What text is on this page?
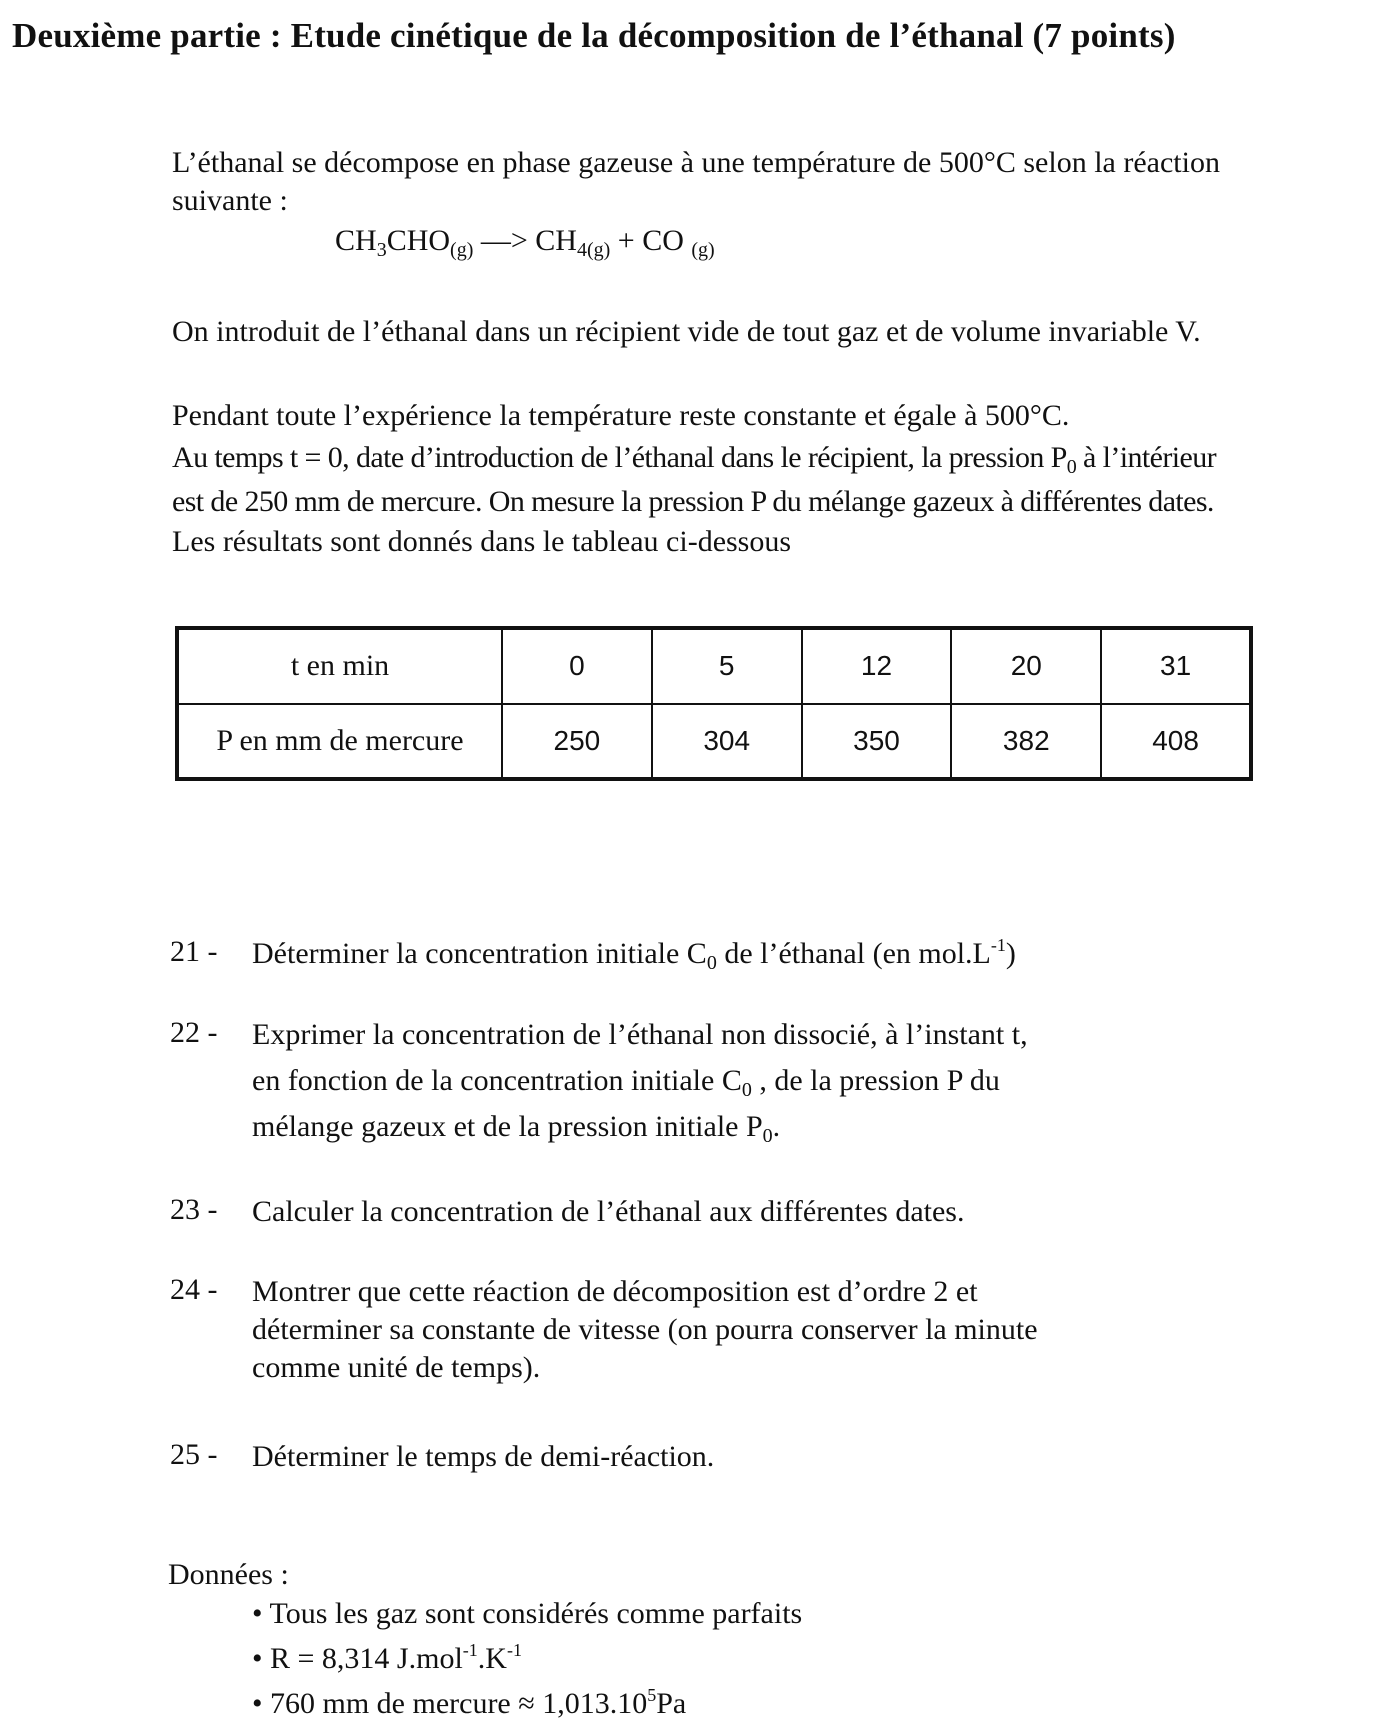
Deuxième partie : Etude cinétique de la décomposition de l’éthanal (7 points)
L’éthanal se décompose en phase gazeuse à une température de 500°C selon la réaction
suivante :
$CH_3CHO_{(g)}$ —> $CH_{4(g)}$ + CO $_{(g)}$
On introduit de l’éthanal dans un récipient vide de tout gaz et de volume invariable V.
Pendant toute l’expérience la température reste constante et égale à 500°C.
Au temps t = 0, date d’introduction de l’éthanal dans le récipient, la pression $P_0$ à l’intérieur
est de 250 mm de mercure. On mesure la pression P du mélange gazeux à différentes dates.
Les résultats sont donnés dans le tableau ci-dessous
t en min	0	5	12	20	31
P en mm de mercure	250	304	350	382	408
21 - Déterminer la concentration initiale $C_0$ de l’éthanal (en $mol.L^{-1}$)
22 - Exprimer la concentration de l’éthanal non dissocié, à l’instant t,
en fonction de la concentration initiale $C_0$ , de la pression P du
mélange gazeux et de la pression initiale $P_0$.
23 - Calculer la concentration de l’éthanal aux différentes dates.
24 - Montrer que cette réaction de décomposition est d’ordre 2 et
déterminer sa constante de vitesse (on pourra conserver la minute
comme unité de temps).
25 - Déterminer le temps de demi-réaction.
Données :
• Tous les gaz sont considérés comme parfaits
• R = 8,314 $J.mol^{-1}.K^{-1}$
• 760 mm de mercure ≈ $1,013.10^5Pa$
